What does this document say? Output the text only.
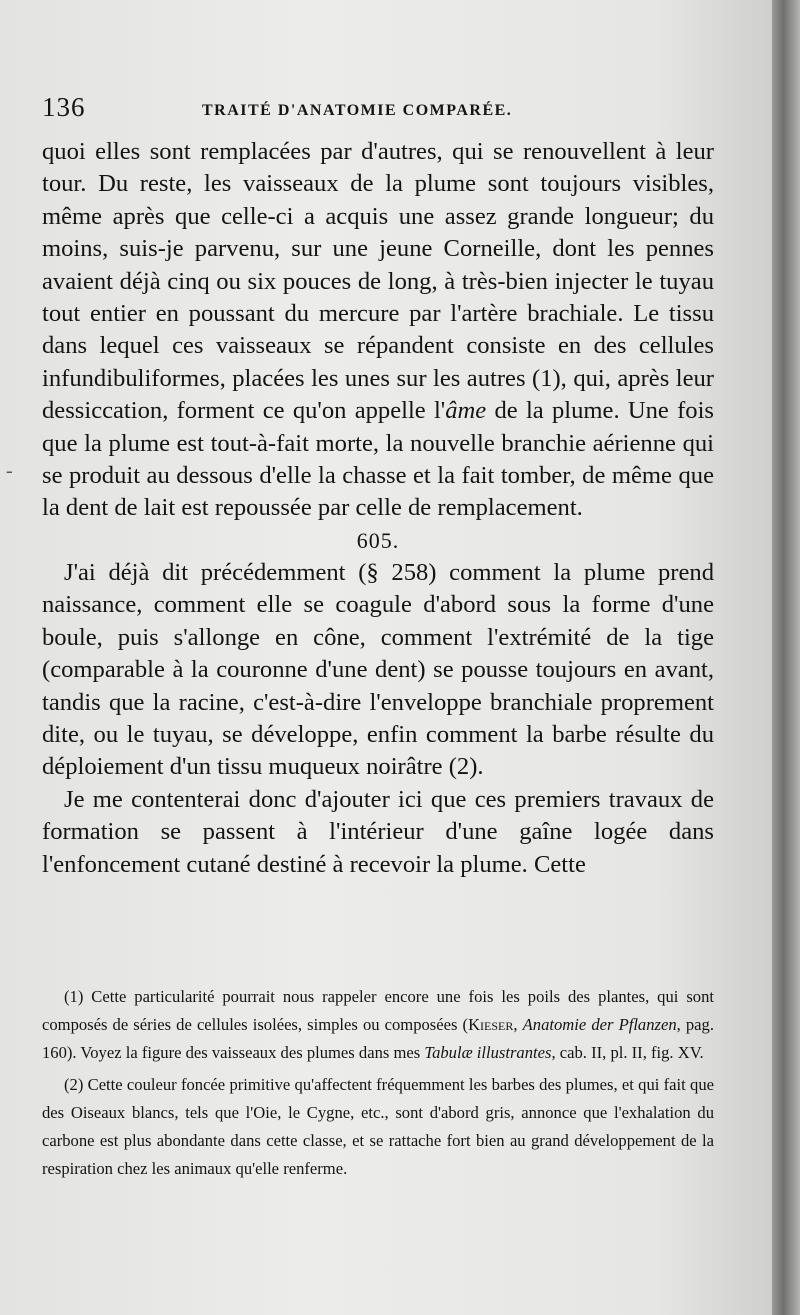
-
136	TRAITÉ D'ANATOMIE COMPARÉE.

quoi elles sont remplacées par d'autres, qui se renouvellent à leur tour. Du reste, les vaisseaux de la plume sont toujours visibles, même après que celle-ci a acquis une assez grande longueur; du moins, suis-je parvenu, sur une jeune Corneille, dont les pennes avaient déjà cinq ou six pouces de long, à très-bien injecter le tuyau tout entier en poussant du mercure par l'artère brachiale. Le tissu dans lequel ces vaisseaux se répandent consiste en des cellules infundibuliformes, placées les unes sur les autres (1), qui, après leur dessiccation, forment ce qu'on appelle l'âme de la plume. Une fois que la plume est tout-à-fait morte, la nouvelle branchie aérienne qui se produit au dessous d'elle la chasse et la fait tomber, de même que la dent de lait est repoussée par celle de remplacement.

605.

J'ai déjà dit précédemment (§ 258) comment la plume prend naissance, comment elle se coagule d'abord sous la forme d'une boule, puis s'allonge en cône, comment l'extrémité de la tige (comparable à la couronne d'une dent) se pousse toujours en avant, tandis que la racine, c'est-à-dire l'enveloppe branchiale proprement dite, ou le tuyau, se développe, enfin comment la barbe résulte du déploiement d'un tissu muqueux noirâtre (2).

Je me contenterai donc d'ajouter ici que ces premiers travaux de formation se passent à l'intérieur d'une gaîne logée dans l'enfoncement cutané destiné à recevoir la plume. Cette

(1) Cette particularité pourrait nous rappeler encore une fois les poils des plantes, qui sont composés de séries de cellules isolées, simples ou composées (Kieser, Anatomie der Pflanzen, pag. 160). Voyez la figure des vaisseaux des plumes dans mes Tabulæ illustrantes, cab. II, pl. II, fig. XV.

(2) Cette couleur foncée primitive qu'affectent fréquemment les barbes des plumes, et qui fait que des Oiseaux blancs, tels que l'Oie, le Cygne, etc., sont d'abord gris, annonce que l'exhalation du carbone est plus abondante dans cette classe, et se rattache fort bien au grand développement de la respiration chez les animaux qu'elle renferme.
